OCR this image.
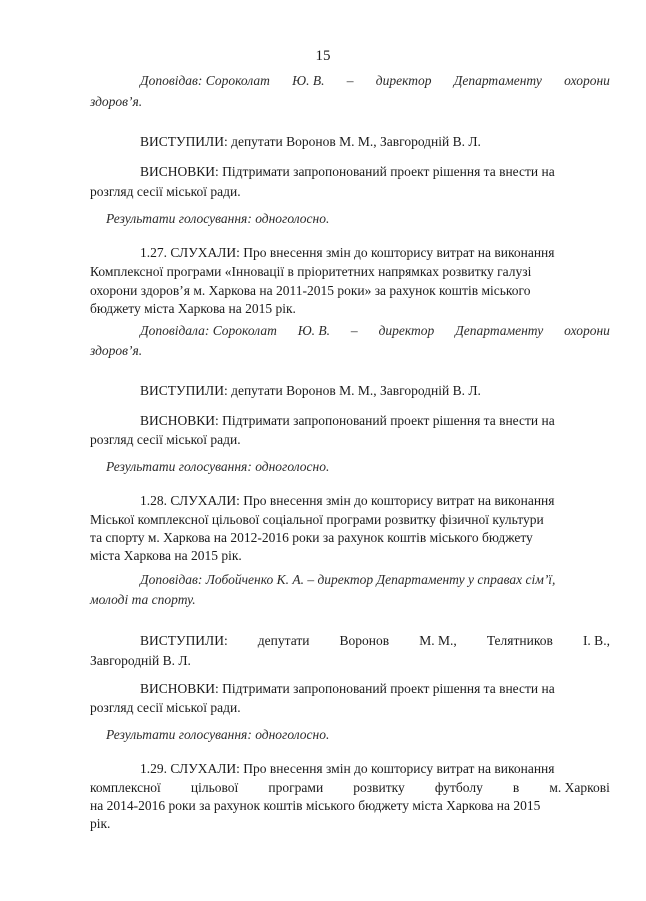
15
Доповідав: Сороколат Ю. В. – директор Департаменту охорони
здоров’я.
ВИСТУПИЛИ: депутати Воронов М. М., Завгородній В. Л.
ВИСНОВКИ: Підтримати запропонований проект рішення та внести на
розгляд сесії міської ради.
Результати голосування: одноголосно.
1.27. СЛУХАЛИ: Про внесення змін до кошторису витрат на виконання
Комплексної програми «Інновації в пріоритетних напрямках розвитку галузі
охорони здоров’я м. Харкова на 2011-2015 роки» за рахунок коштів міського
бюджету міста Харкова на 2015 рік.
Доповідала: Сороколат Ю. В. – директор Департаменту охорони
здоров’я.
ВИСТУПИЛИ: депутати Воронов М. М., Завгородній В. Л.
ВИСНОВКИ: Підтримати запропонований проект рішення та внести на
розгляд сесії міської ради.
Результати голосування: одноголосно.
1.28. СЛУХАЛИ: Про внесення змін до кошторису витрат на виконання
Міської комплексної цільової соціальної програми розвитку фізичної культури
та спорту м. Харкова на 2012-2016 роки за рахунок коштів міського бюджету
міста Харкова на 2015 рік.
Доповідав: Лобойченко К. А. – директор Департаменту у справах сім’ї,
молоді та спорту.
ВИСТУПИЛИ: депутати Воронов М. М., Телятников І. В.,
Завгородній В. Л.
ВИСНОВКИ: Підтримати запропонований проект рішення та внести на
розгляд сесії міської ради.
Результати голосування: одноголосно.
1.29. СЛУХАЛИ: Про внесення змін до кошторису витрат на виконання
комплексної цільової програми розвитку футболу в м. Харкові
на 2014-2016 роки за рахунок коштів міського бюджету міста Харкова на 2015
рік.
